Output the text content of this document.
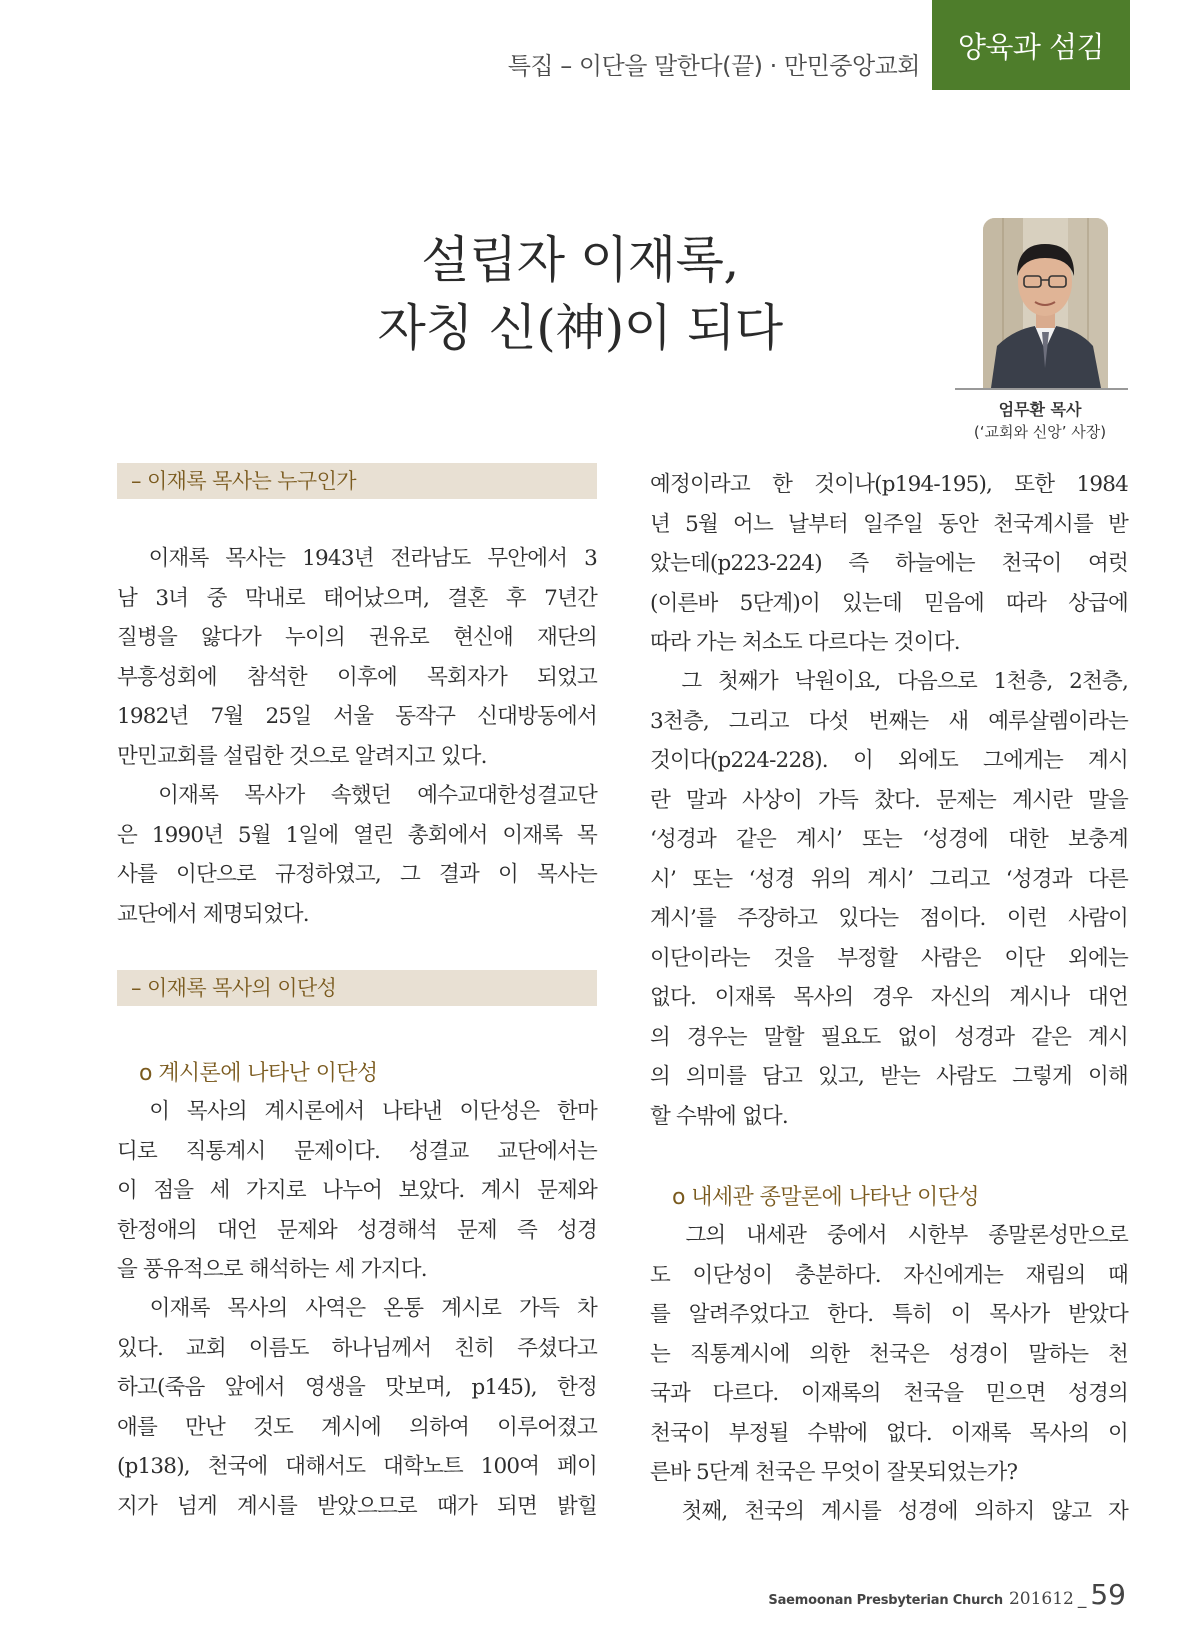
특집 – 이단을 말한다(끝) · 만민중앙교회
양육과 섬김
설립자 이재록,
자칭 신(神)이 되다
엄무환 목사
(‘교회와 신앙’ 사장)
– 이재록 목사는 누구인가
　이재록 목사는 1943년 전라남도 무안에서 3
남 3녀 중 막내로 태어났으며, 결혼 후 7년간
질병을 앓다가 누이의 권유로 현신애 재단의
부흥성회에 참석한 이후에 목회자가 되었고
1982년 7월 25일 서울 동작구 신대방동에서
만민교회를 설립한 것으로 알려지고 있다.
　이재록 목사가 속했던 예수교대한성결교단
은 1990년 5월 1일에 열린 총회에서 이재록 목
사를 이단으로 규정하였고, 그 결과 이 목사는
교단에서 제명되었다.
– 이재록 목사의 이단성
o 계시론에 나타난 이단성
　이 목사의 계시론에서 나타낸 이단성은 한마
디로 직통계시 문제이다. 성결교 교단에서는
이 점을 세 가지로 나누어 보았다. 계시 문제와
한정애의 대언 문제와 성경해석 문제 즉 성경
을 풍유적으로 해석하는 세 가지다.
　이재록 목사의 사역은 온통 계시로 가득 차
있다. 교회 이름도 하나님께서 친히 주셨다고
하고(죽음 앞에서 영생을 맛보며, p145), 한정
애를 만난 것도 계시에 의하여 이루어졌고
(p138), 천국에 대해서도 대학노트 100여 페이
지가 넘게 계시를 받았으므로 때가 되면 밝힐
예정이라고 한 것이나(p194-195), 또한 1984
년 5월 어느 날부터 일주일 동안 천국계시를 받
았는데(p223-224) 즉 하늘에는 천국이 여럿
(이른바 5단계)이 있는데 믿음에 따라 상급에
따라 가는 처소도 다르다는 것이다.
　그 첫째가 낙원이요, 다음으로 1천층, 2천층,
3천층, 그리고 다섯 번째는 새 예루살렘이라는
것이다(p224-228). 이 외에도 그에게는 계시
란 말과 사상이 가득 찼다. 문제는 계시란 말을
‘성경과 같은 계시’ 또는 ‘성경에 대한 보충계
시’ 또는 ‘성경 위의 계시’ 그리고 ‘성경과 다른
계시’를 주장하고 있다는 점이다. 이런 사람이
이단이라는 것을 부정할 사람은 이단 외에는
없다. 이재록 목사의 경우 자신의 계시나 대언
의 경우는 말할 필요도 없이 성경과 같은 계시
의 의미를 담고 있고, 받는 사람도 그렇게 이해
할 수밖에 없다.
o 내세관 종말론에 나타난 이단성
　그의 내세관 중에서 시한부 종말론성만으로
도 이단성이 충분하다. 자신에게는 재림의 때
를 알려주었다고 한다. 특히 이 목사가 받았다
는 직통계시에 의한 천국은 성경이 말하는 천
국과 다르다. 이재록의 천국을 믿으면 성경의
천국이 부정될 수밖에 없다. 이재록 목사의 이
른바 5단계 천국은 무엇이 잘못되었는가?
　첫째, 천국의 계시를 성경에 의하지 않고 자
Saemoonan Presbyterian Church 201612 _ 59
